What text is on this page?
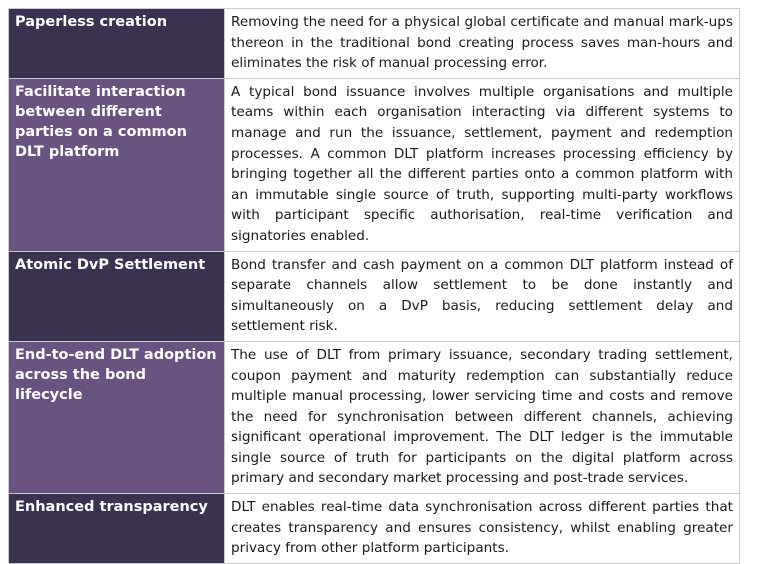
Paperless creation	Removing the need for a physical global certificate and manual mark-ups thereon in the traditional bond creating process saves man-hours and eliminates the risk of manual processing error.
Facilitate interaction between different parties on a common DLT platform	A typical bond issuance involves multiple organisations and multiple teams within each organisation interacting via different systems to manage and run the issuance, settlement, payment and redemption processes. A common DLT platform increases processing efficiency by bringing together all the different parties onto a common platform with an immutable single source of truth, supporting multi-party workflows with participant specific authorisation, real-time verification and signatories enabled.
Atomic DvP Settlement	Bond transfer and cash payment on a common DLT platform instead of separate channels allow settlement to be done instantly and simultaneously on a DvP basis, reducing settlement delay and settlement risk.
End-to-end DLT adoption across the bond lifecycle	The use of DLT from primary issuance, secondary trading settlement, coupon payment and maturity redemption can substantially reduce multiple manual processing, lower servicing time and costs and remove the need for synchronisation between different channels, achieving significant operational improvement. The DLT ledger is the immutable single source of truth for participants on the digital platform across primary and secondary market processing and post-trade services.
Enhanced transparency	DLT enables real-time data synchronisation across different parties that creates transparency and ensures consistency, whilst enabling greater privacy from other platform participants.
